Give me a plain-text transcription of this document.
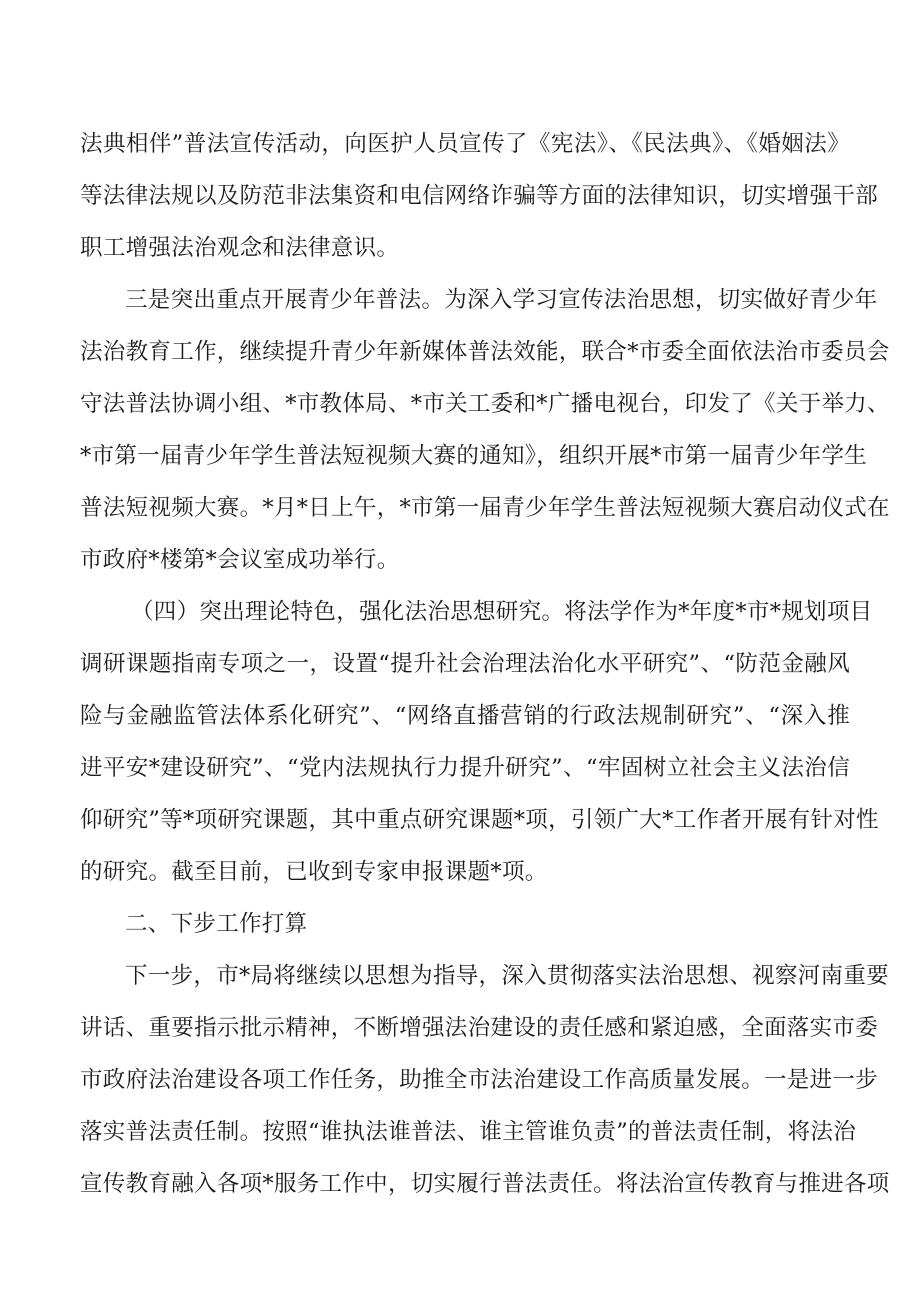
法典相伴”普法宣传活动，向医护人员宣传了《宪法》、《民法典》、《婚姻法》
等法律法规以及防范非法集资和电信网络诈骗等方面的法律知识，切实增强干部
职工增强法治观念和法律意识。
三是突出重点开展青少年普法。为深入学习宣传法治思想，切实做好青少年
法治教育工作，继续提升青少年新媒体普法效能，联合*市委全面依法治市委员会
守法普法协调小组、*市教体局、*市关工委和*广播电视台，印发了《关于举力、
*市第一届青少年学生普法短视频大赛的通知》，组织开展*市第一届青少年学生
普法短视频大赛。*月*日上午，*市第一届青少年学生普法短视频大赛启动仪式在
市政府*楼第*会议室成功举行。
（四）突出理论特色，强化法治思想研究。将法学作为*年度*市*规划项目
调研课题指南专项之一，设置“提升社会治理法治化水平研究”、“防范金融风
险与金融监管法体系化研究”、“网络直播营销的行政法规制研究”、“深入推
进平安*建设研究”、“党内法规执行力提升研究”、“牢固树立社会主义法治信
仰研究”等*项研究课题，其中重点研究课题*项，引领广大*工作者开展有针对性
的研究。截至目前，已收到专家申报课题*项。
二、下步工作打算
下一步，市*局将继续以思想为指导，深入贯彻落实法治思想、视察河南重要
讲话、重要指示批示精神，不断增强法治建设的责任感和紧迫感，全面落实市委
市政府法治建设各项工作任务，助推全市法治建设工作高质量发展。一是进一步
落实普法责任制。按照“谁执法谁普法、谁主管谁负责”的普法责任制，将法治
宣传教育融入各项*服务工作中，切实履行普法责任。将法治宣传教育与推进各项
